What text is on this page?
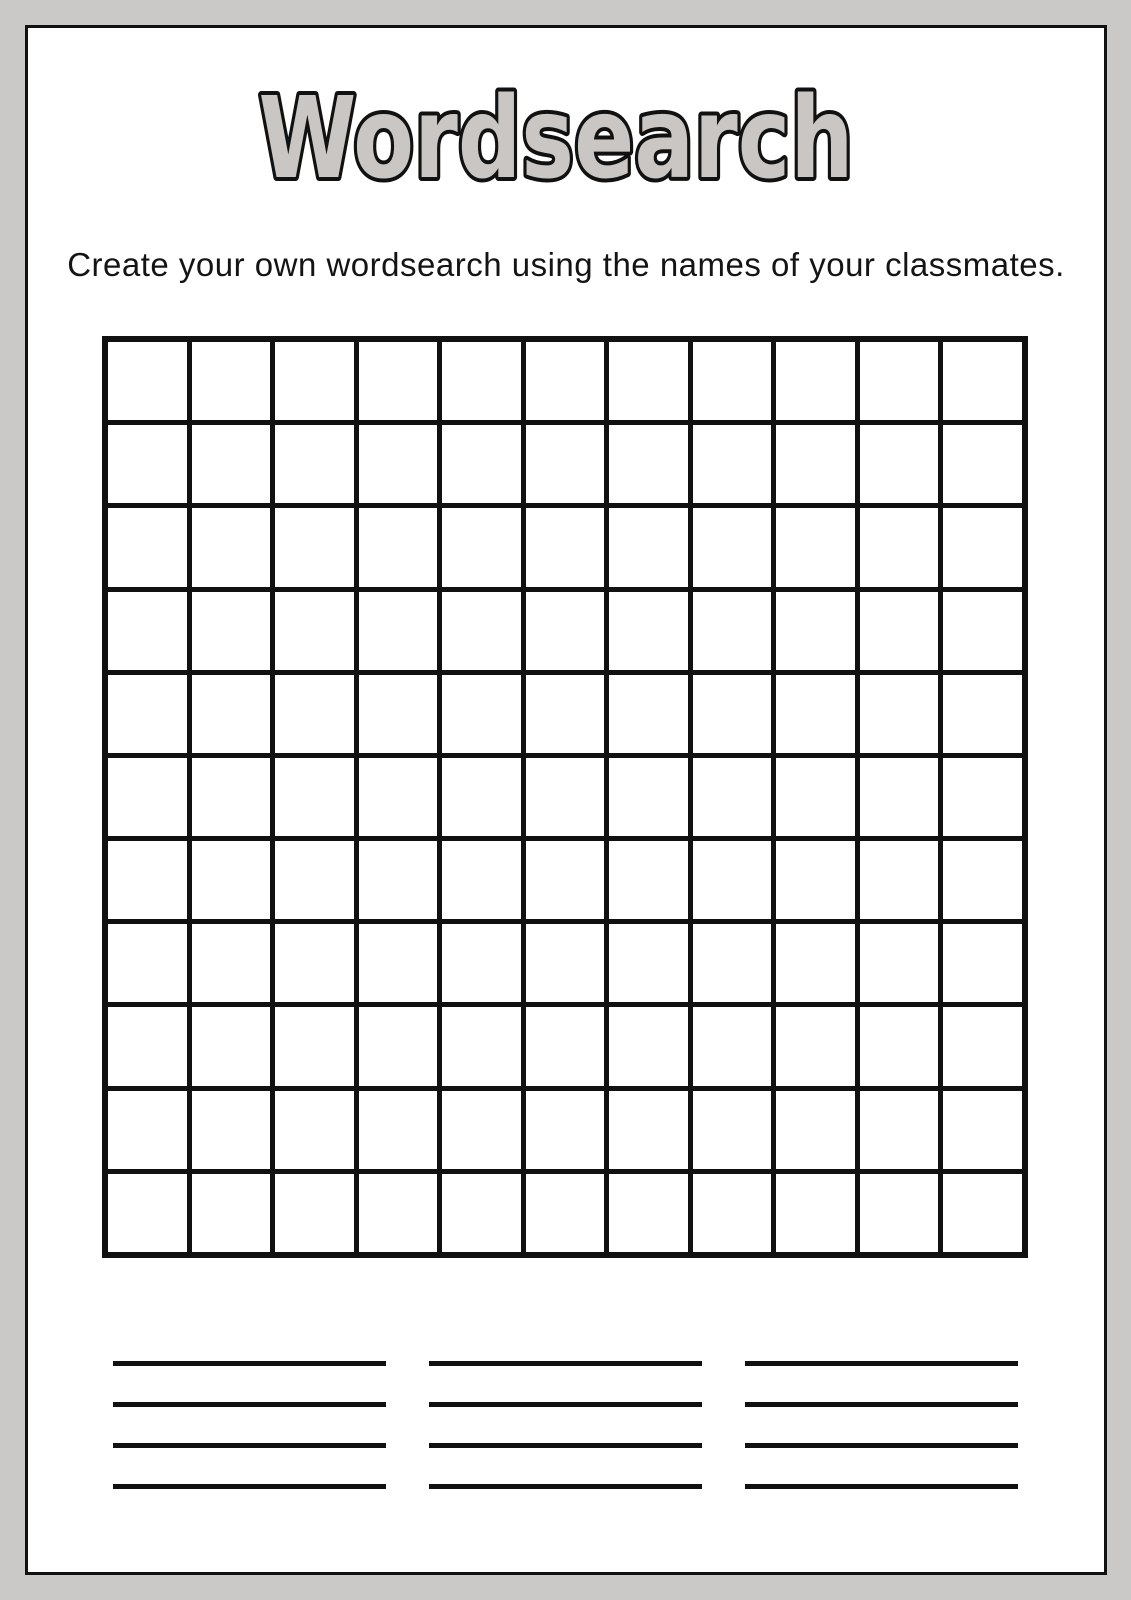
Wordsearch

Create your own wordsearch using the names of your classmates.
